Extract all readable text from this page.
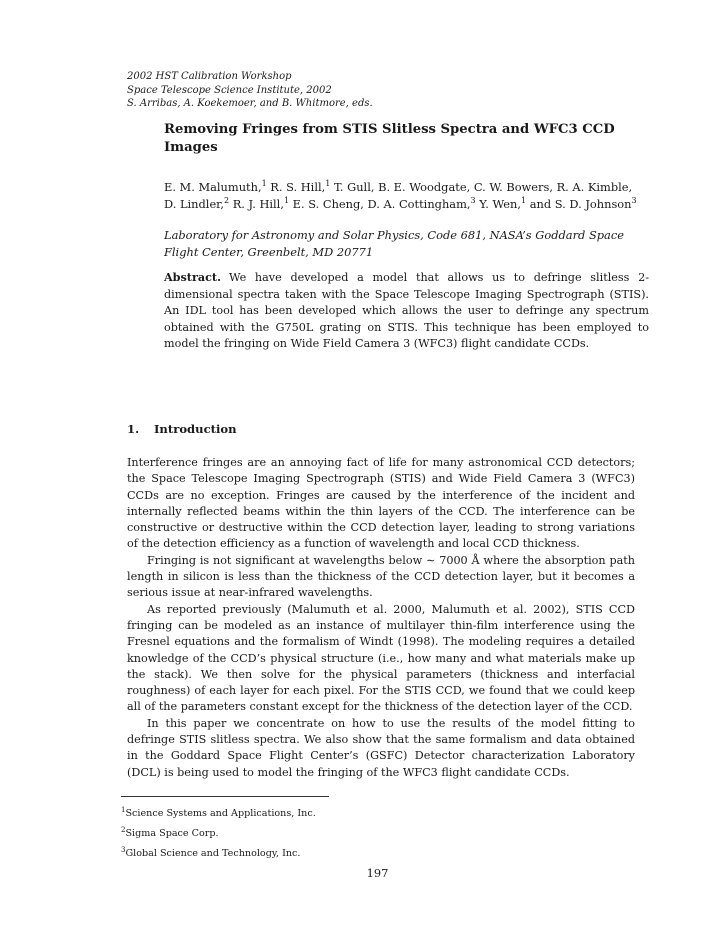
2002 HST Calibration Workshop
Space Telescope Science Institute, 2002
S. Arribas, A. Koekemoer, and B. Whitmore, eds.
Removing Fringes from STIS Slitless Spectra and WFC3 CCD Images
E. M. Malumuth,$^1$ R. S. Hill,$^1$ T. Gull, B. E. Woodgate, C. W. Bowers, R. A. Kimble, D. Lindler,$^2$ R. J. Hill,$^1$ E. S. Cheng, D. A. Cottingham,$^3$ Y. Wen,$^1$ and S. D. Johnson$^3$
Laboratory for Astronomy and Solar Physics, Code 681, NASA’s Goddard Space Flight Center, Greenbelt, MD 20771
Abstract. We have developed a model that allows us to defringe slitless 2-dimensional spectra taken with the Space Telescope Imaging Spectrograph (STIS). An IDL tool has been developed which allows the user to defringe any spectrum obtained with the G750L grating on STIS. This technique has been employed to model the fringing on Wide Field Camera 3 (WFC3) flight candidate CCDs.
1. Introduction

Interference fringes are an annoying fact of life for many astronomical CCD detectors; the Space Telescope Imaging Spectrograph (STIS) and Wide Field Camera 3 (WFC3) CCDs are no exception. Fringes are caused by the interference of the incident and internally reflected beams within the thin layers of the CCD. The interference can be constructive or destructive within the CCD detection layer, leading to strong variations of the detection efficiency as a function of wavelength and local CCD thickness.

Fringing is not significant at wavelengths below ∼ 7000 Å where the absorption path length in silicon is less than the thickness of the CCD detection layer, but it becomes a serious issue at near-infrared wavelengths.

As reported previously (Malumuth et al. 2000, Malumuth et al. 2002), STIS CCD fringing can be modeled as an instance of multilayer thin-film interference using the Fresnel equations and the formalism of Windt (1998). The modeling requires a detailed knowledge of the CCD’s physical structure (i.e., how many and what materials make up the stack). We then solve for the physical parameters (thickness and interfacial roughness) of each layer for each pixel. For the STIS CCD, we found that we could keep all of the parameters constant except for the thickness of the detection layer of the CCD.

In this paper we concentrate on how to use the results of the model fitting to defringe STIS slitless spectra. We also show that the same formalism and data obtained in the Goddard Space Flight Center’s (GSFC) Detector characterization Laboratory (DCL) is being used to model the fringing of the WFC3 flight candidate CCDs.

$^1$Science Systems and Applications, Inc.
$^2$Sigma Space Corp.
$^3$Global Science and Technology, Inc.
197
